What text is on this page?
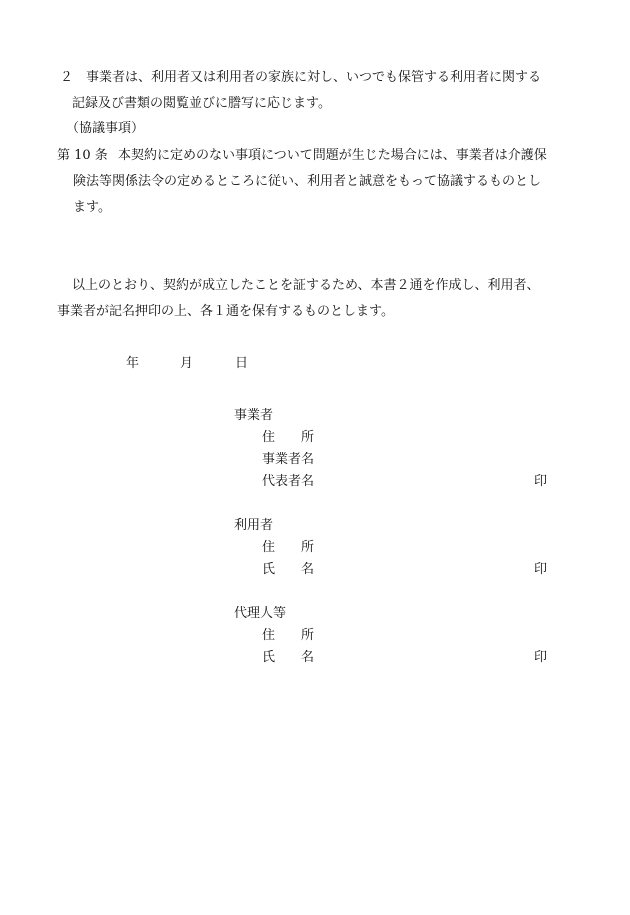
２ 事業者は、利用者又は利用者の家族に対し、いつでも保管する利用者に関する
記録及び書類の閲覧並びに謄写に応じます。
（協議事項）
第 10 条 本契約に定めのない事項について問題が生じた場合には、事業者は介護保
険法等関係法令の定めるところに従い、利用者と誠意をもって協議するものとし
ます。
以上のとおり、契約が成立したことを証するため、本書２通を作成し、利用者、
事業者が記名押印の上、各１通を保有するものとします。
年	月	日
事業者
住　　所
事業者名
代表者名	印
利用者
住　　所
氏　　名	印
代理人等
住　　所
氏　　名	印
